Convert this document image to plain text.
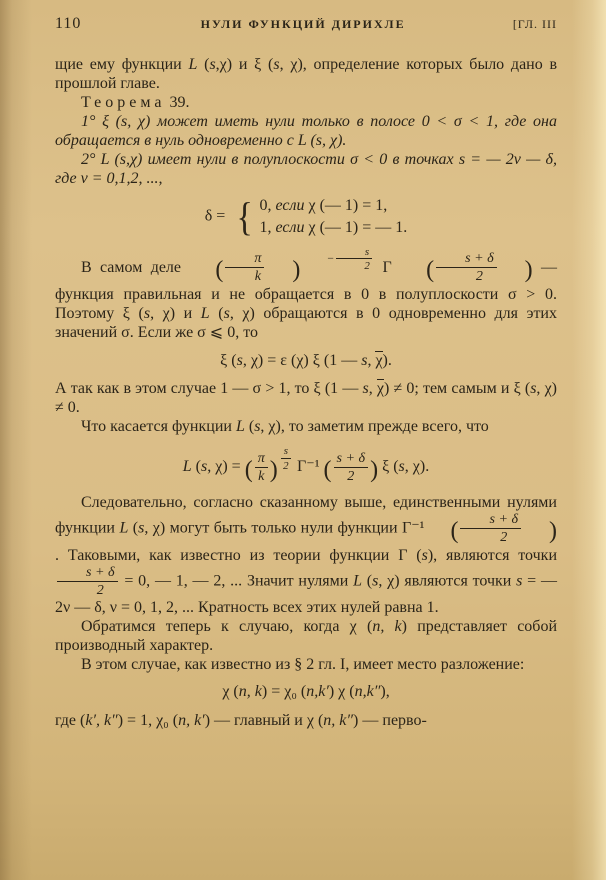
110	НУЛИ ФУНКЦИЙ ДИРИХЛЕ	[ГЛ. III

щие ему функции L (s,χ) и ξ (s, χ), определение которых было дано в прошлой главе.

Теорема 39.

1° ξ (s, χ) может иметь нули только в полосе 0 < σ < 1, где она обращается в нуль одновременно с L (s, χ).

2° L (s,χ) имеет нули в полуплоскости σ < 0 в точках s = — 2ν — δ, где ν = 0,1,2, ...,

δ = { 0, если χ (— 1) = 1,
1, если χ (— 1) = — 1.

В самом деле ( $\frac{\pi}{k}$ ) − $\frac{s}{2}$ Γ ( $\frac{s + \delta}{2}$ ) — функция правильная и не обращается в 0 в полуплоскости σ > 0. Поэтому ξ (s, χ) и L (s, χ) обращаются в 0 одновременно для этих значений σ. Если же σ ⩽ 0, то

ξ (s, χ) = ε (χ) ξ (1 — s, χ).

А так как в этом случае 1 — σ > 1, то ξ (1 — s, χ) ≠ 0; тем самым и ξ (s, χ) ≠ 0.

Что касается функции L (s, χ), то заметим прежде всего, что

L (s, χ) = ( $\frac{\pi}{k}$ ) $\frac{s}{2} \Gamma^{-1}$ ( $\frac{s + \delta}{2}$ ) ξ (s, χ).

Следовательно, согласно сказанному выше, единственными нулями функции L (s, χ) могут быть только нули функции Γ⁻¹ ( $\frac{s + \delta}{2}$ ). Таковыми, как известно из теории функции Γ (s), являются точки
$\frac{s + \delta}{2} = 0$, — 1, — 2, ... Значит нулями L (s, χ) являются точки s = — 2ν — δ, ν = 0, 1, 2, ... Кратность всех этих нулей равна 1.

Обратимся теперь к случаю, когда χ (n, k) представляет собой производный характер.

В этом случае, как известно из § 2 гл. I, имеет место разложение:

χ (n, k) = χ₀ (n,k′) χ (n,k″),

где (k′, k″) = 1, χ₀ (n, k′) — главный и χ (n, k″) — перво-
